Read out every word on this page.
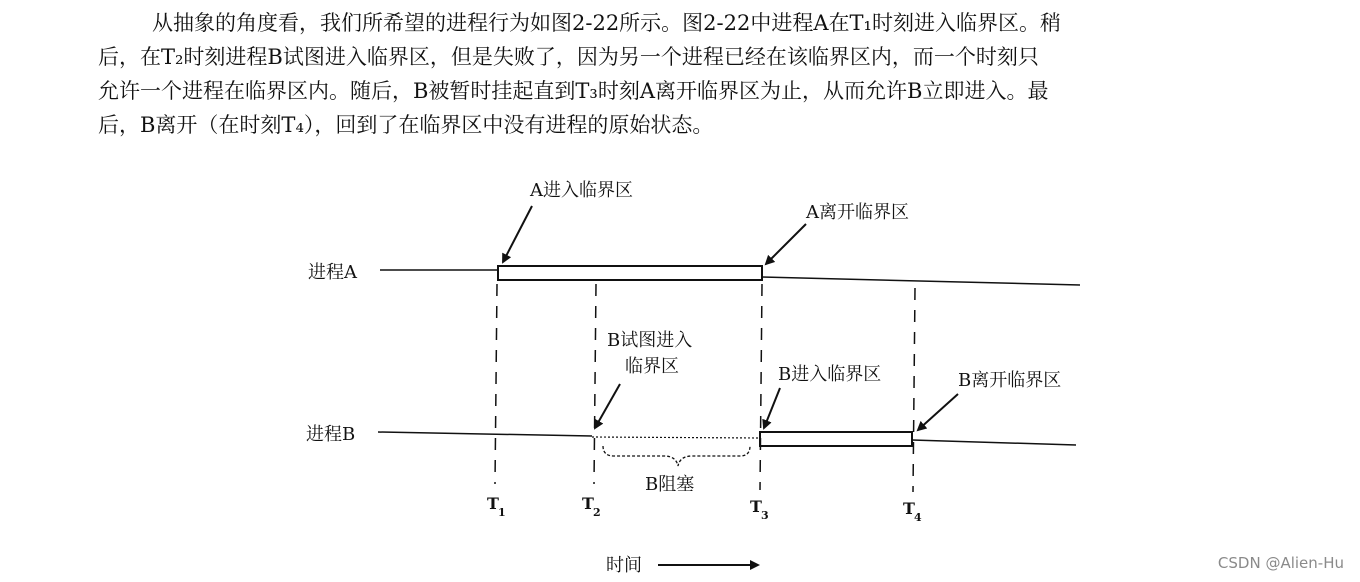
从抽象的角度看，我们所希望的进程行为如图2-22所示。图2-22中进程A在T₁时刻进入临界区。稍
后，在T₂时刻进程B试图进入临界区，但是失败了，因为另一个进程已经在该临界区内，而一个时刻只
允许一个进程在临界区内。随后，B被暂时挂起直到T₃时刻A离开临界区为止，从而允许B立即进入。最
后，B离开（在时刻T₄），回到了在临界区中没有进程的原始状态。
进程A
进程B
A进入临界区
A离开临界区
B试图进入
临界区	B进入临界区	B离开临界区
B阻塞
T 1	T 2	T 3	T 4
时间	CSDN @Alien-Hu
